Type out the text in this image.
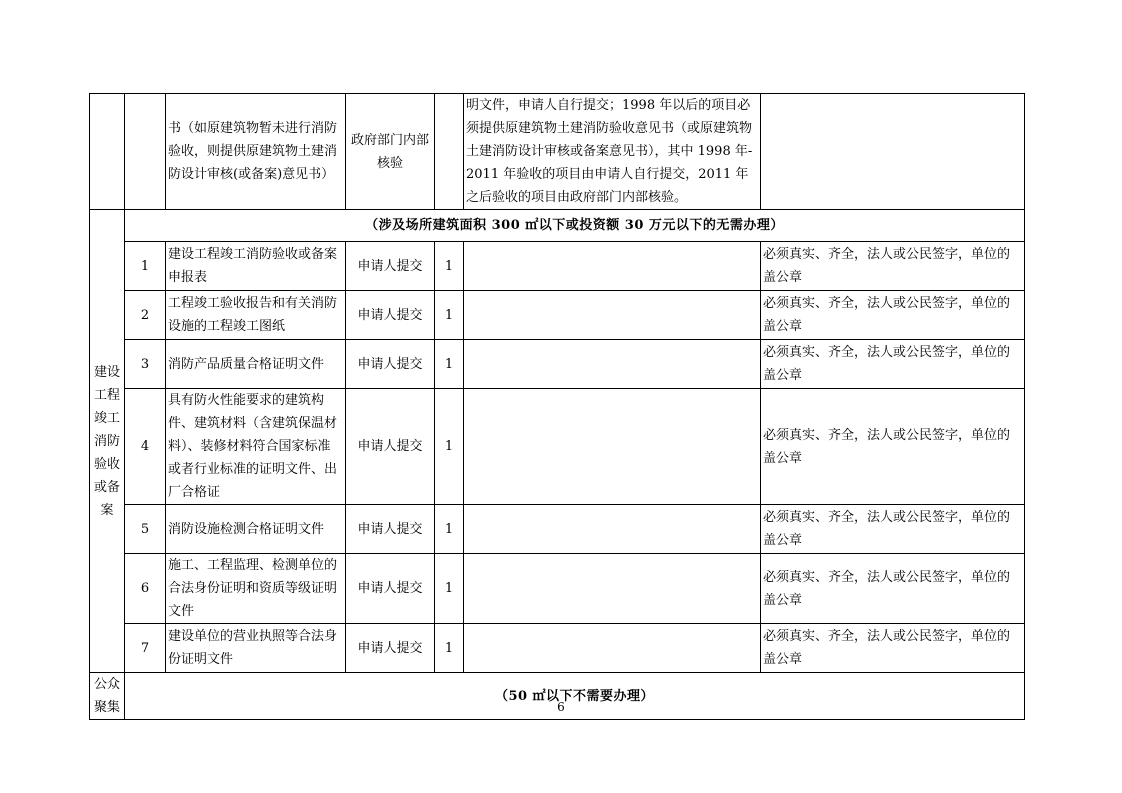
		书（如原建筑物暂未进行消防验收，则提供原建筑物土建消防设计审核(或备案)意见书）	政府部门内部核验		明文件，申请人自行提交；1998 年以后的项目必须提供原建筑物土建消防验收意见书（或原建筑物土建消防设计审核或备案意见书），其中 1998 年-2011 年验收的项目由申请人自行提交，2011 年之后验收的项目由政府部门内部核验。	
建设工程竣工消防验收或备案	（涉及场所建筑面积 300 ㎡以下或投资额 30 万元以下的无需办理）					
	1	建设工程竣工消防验收或备案申报表	申请人提交	1		必须真实、齐全，法人或公民签字，单位的盖公章
	2	工程竣工验收报告和有关消防设施的工程竣工图纸	申请人提交	1		必须真实、齐全，法人或公民签字，单位的盖公章
	3	消防产品质量合格证明文件	申请人提交	1		必须真实、齐全，法人或公民签字，单位的盖公章
	4	具有防火性能要求的建筑构件、建筑材料（含建筑保温材料）、装修材料符合国家标准或者行业标准的证明文件、出厂合格证	申请人提交	1		必须真实、齐全，法人或公民签字，单位的盖公章
	5	消防设施检测合格证明文件	申请人提交	1		必须真实、齐全，法人或公民签字，单位的盖公章
	6	施工、工程监理、检测单位的合法身份证明和资质等级证明文件	申请人提交	1		必须真实、齐全，法人或公民签字，单位的盖公章
	7	建设单位的营业执照等合法身份证明文件	申请人提交	1		必须真实、齐全，法人或公民签字，单位的盖公章
公众聚集	（50 ㎡以下不需要办理）					
6
